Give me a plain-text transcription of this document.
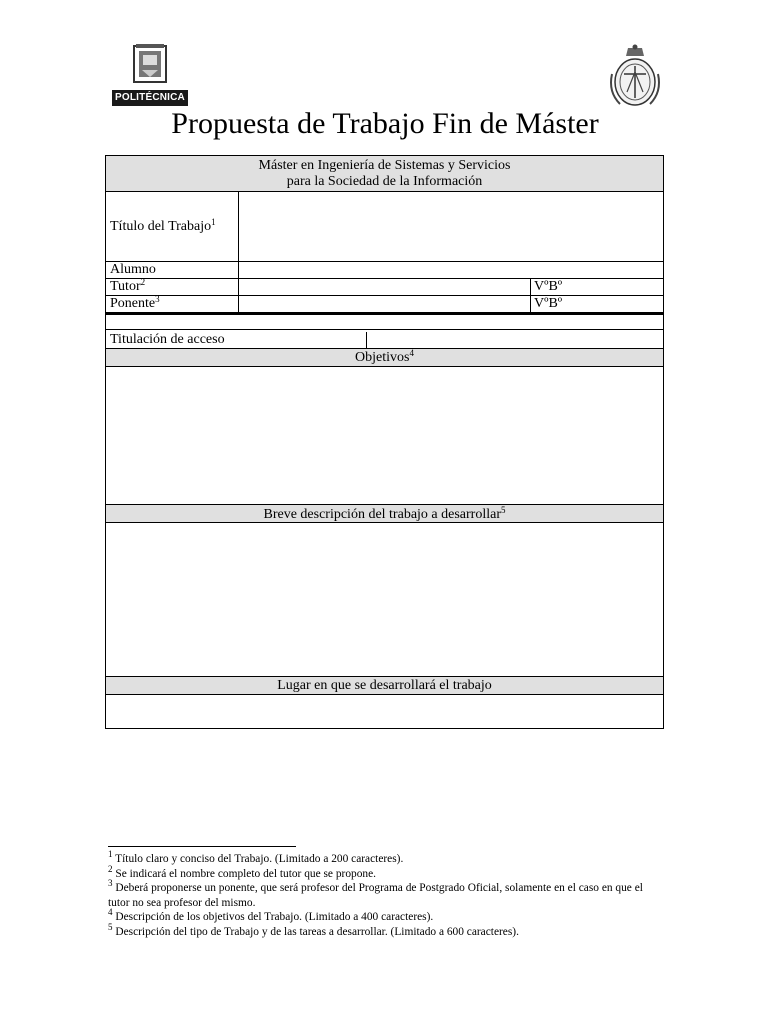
POLITÉCNICA
Propuesta de Trabajo Fin de Máster
Máster en Ingeniería de Sistemas y Servicios
para la Sociedad de la Información
Título del Trabajo$^1$
Alumno
Tutor$^2$	VºBº
Ponente$^3$	VºBº
Titulación de acceso
Objetivos$^4$
Breve descripción del trabajo a desarrollar$^5$
Lugar en que se desarrollará el trabajo

$^1$ Título claro y conciso del Trabajo. (Limitado a 200 caracteres).

$^2$ Se indicará el nombre completo del tutor que se propone.

$^3$ Deberá proponerse un ponente, que será profesor del Programa de Postgrado Oficial, solamente en el caso en que el tutor no sea profesor del mismo.

$^4$ Descripción de los objetivos del Trabajo. (Limitado a 400 caracteres).

$^5$ Descripción del tipo de Trabajo y de las tareas a desarrollar. (Limitado a 600 caracteres).
